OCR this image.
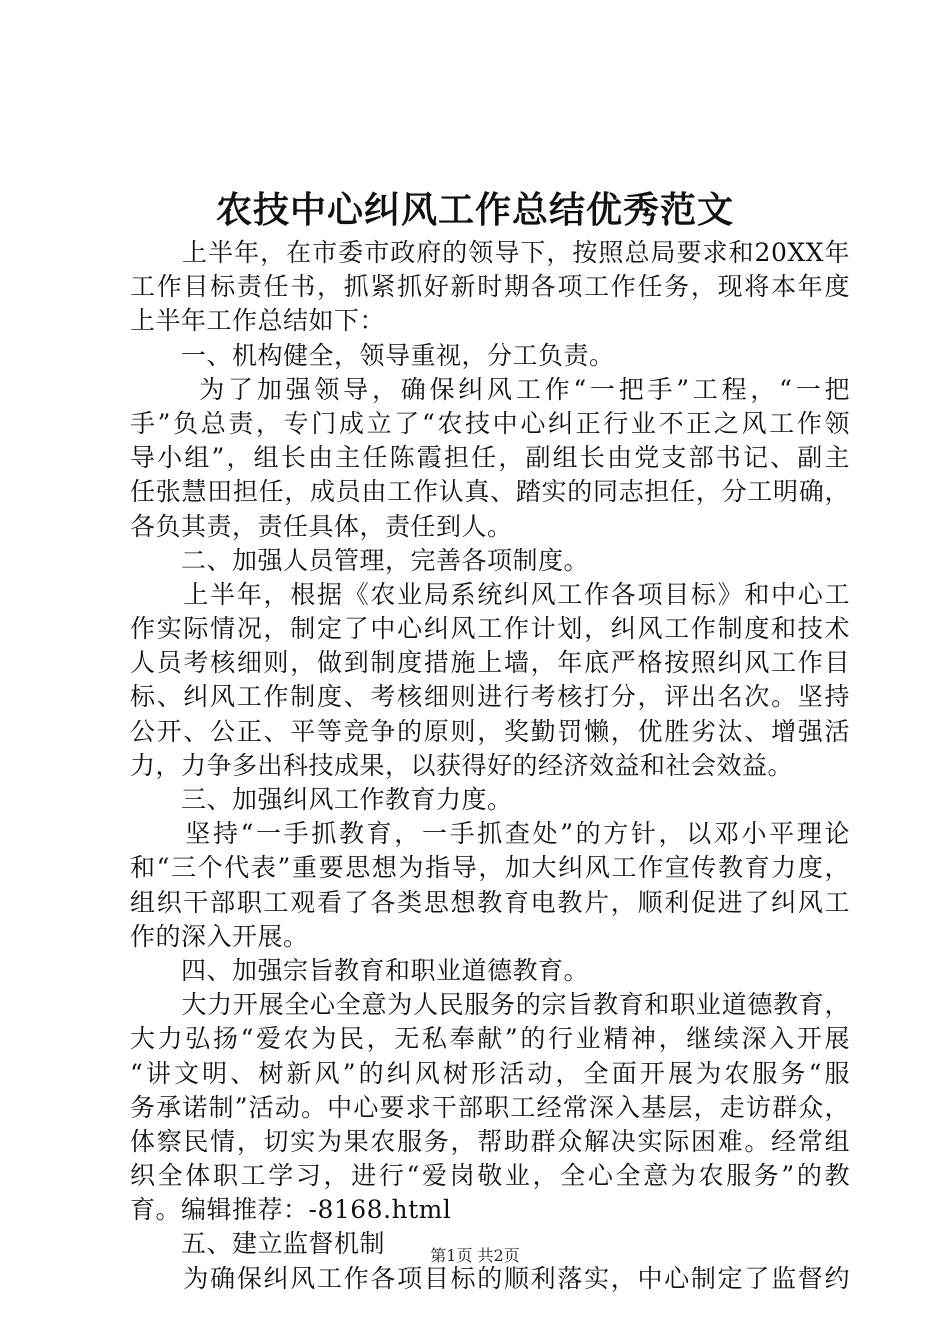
农技中心纠风工作总结优秀范文
　　上半年，在市委市政府的领导下，按照总局要求和20XX年
工作目标责任书，抓紧抓好新时期各项工作任务，现将本年度
上半年工作总结如下：
　　一、机构健全，领导重视，分工负责。
　　 为了加强领导，确保纠风工作“一把手”工程，“一把
手”负总责，专门成立了“农技中心纠正行业不正之风工作领
导小组”，组长由主任陈霞担任，副组长由党支部书记、副主
任张慧田担任，成员由工作认真、踏实的同志担任，分工明确，
各负其责，责任具体，责任到人。
　　二、加强人员管理，完善各项制度。
　　上半年，根据《农业局系统纠风工作各项目标》和中心工
作实际情况，制定了中心纠风工作计划，纠风工作制度和技术
人员考核细则，做到制度措施上墙，年底严格按照纠风工作目
标、纠风工作制度、考核细则进行考核打分，评出名次。坚持
公开、公正、平等竞争的原则，奖勤罚懒，优胜劣汰、增强活
力，力争多出科技成果，以获得好的经济效益和社会效益。
　　三、加强纠风工作教育力度。
　　坚持“一手抓教育，一手抓查处”的方针，以邓小平理论
和“三个代表”重要思想为指导，加大纠风工作宣传教育力度，
组织干部职工观看了各类思想教育电教片，顺利促进了纠风工
作的深入开展。
　　四、加强宗旨教育和职业道德教育。
　　大力开展全心全意为人民服务的宗旨教育和职业道德教育，
大力弘扬“爱农为民，无私奉献”的行业精神，继续深入开展
“讲文明、树新风”的纠风树形活动，全面开展为农服务“服
务承诺制”活动。中心要求干部职工经常深入基层，走访群众，
体察民情，切实为果农服务，帮助群众解决实际困难。经常组
织全体职工学习，进行“爱岗敬业，全心全意为农服务”的教
育。编辑推荐：-8168.html
　　五、建立监督机制
　　为确保纠风工作各项目标的顺利落实，中心制定了监督约
第1页 共2页
